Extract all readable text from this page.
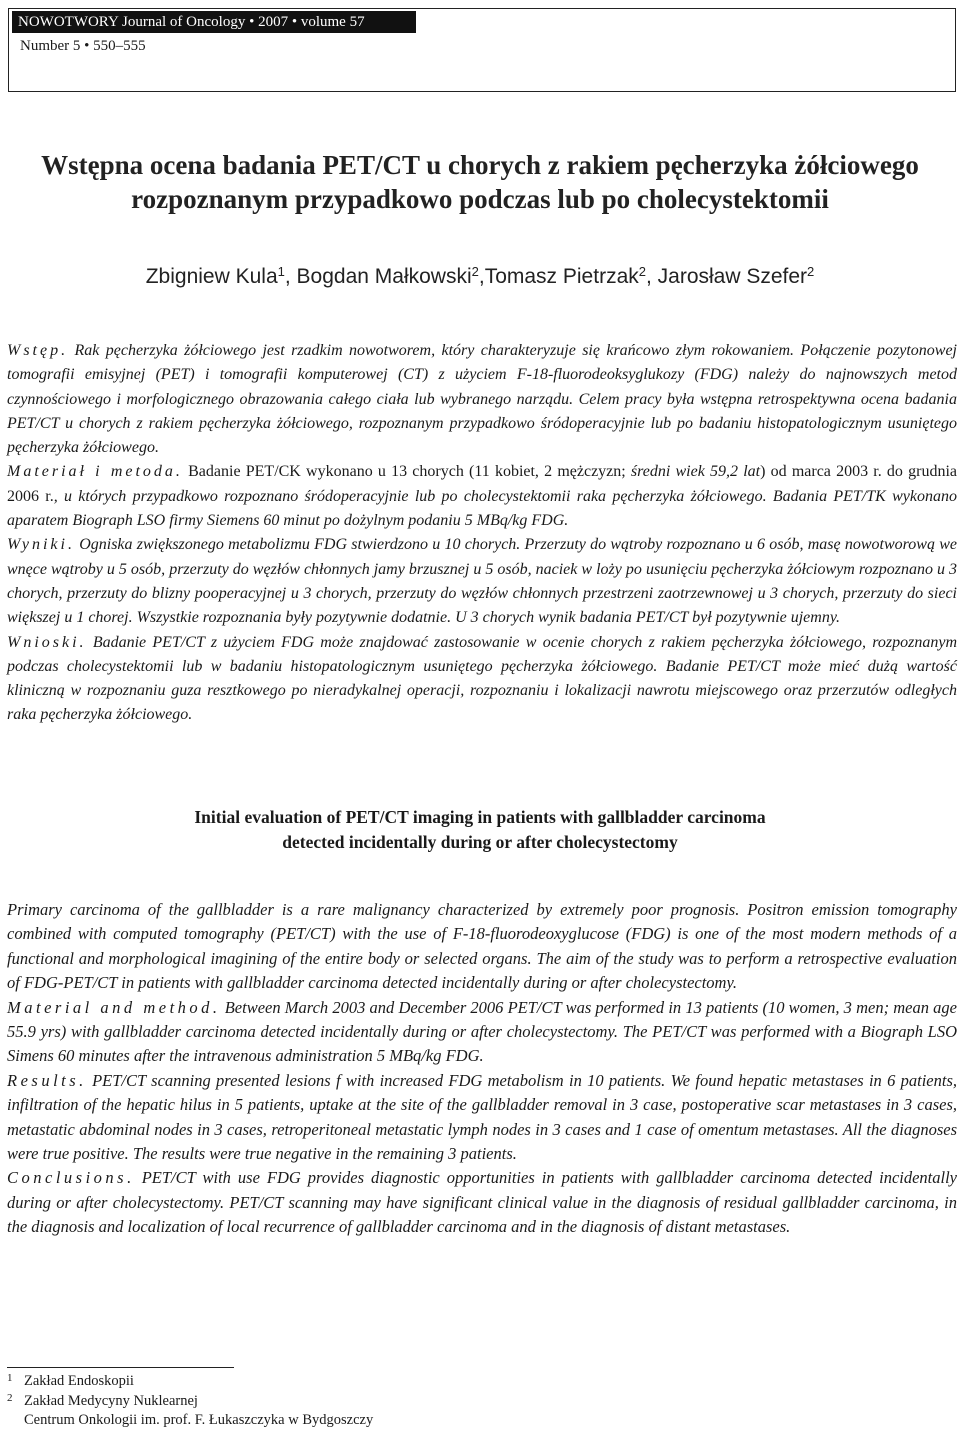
NOWOTWORY Journal of Oncology • 2007 • volume 57
Number 5 • 550–555
Wstępna ocena badania PET/CT u chorych z rakiem pęcherzyka żółciowego
rozpoznanym przypadkowo podczas lub po cholecystektomii
Zbigniew Kula$^1$, Bogdan Małkowski$^2$,Tomasz Pietrzak$^2$, Jarosław Szefer$^2$

Wstęp. Rak pęcherzyka żółciowego jest rzadkim nowotworem, który charakteryzuje się krańcowo złym rokowaniem. Połączenie pozytonowej tomografii emisyjnej (PET) i tomografii komputerowej (CT) z użyciem F-18-fluorodeoksyglukozy (FDG) należy do najnowszych metod czynnościowego i morfologicznego obrazowania całego ciała lub wybranego narządu. Celem pracy była wstępna retrospektywna ocena badania PET/CT u chorych z rakiem pęcherzyka żółciowego, rozpoznanym przypadkowo śródoperacyjnie lub po badaniu histopatologicznym usuniętego pęcherzyka żółciowego.

Materiał i metoda. Badanie PET/CK wykonano u 13 chorych (11 kobiet, 2 mężczyzn; średni wiek 59,2 lat) od marca 2003 r. do grudnia 2006 r., u których przypadkowo rozpoznano śródoperacyjnie lub po cholecystektomii raka pęcherzyka żółciowego. Badania PET/TK wykonano aparatem Biograph LSO firmy Siemens 60 minut po dożylnym podaniu 5 MBq/kg FDG.

Wyniki. Ogniska zwiększonego metabolizmu FDG stwierdzono u 10 chorych. Przerzuty do wątroby rozpoznano u 6 osób, masę nowotworową we wnęce wątroby u 5 osób, przerzuty do węzłów chłonnych jamy brzusznej u 5 osób, naciek w loży po usunięciu pęcherzyka żółciowym rozpoznano u 3 chorych, przerzuty do blizny pooperacyjnej u 3 chorych, przerzuty do węzłów chłonnych przestrzeni zaotrzewnowej u 3 chorych, przerzuty do sieci większej u 1 chorej. Wszystkie rozpoznania były pozytywnie dodatnie. U 3 chorych wynik badania PET/CT był pozytywnie ujemny.

Wnioski. Badanie PET/CT z użyciem FDG może znajdować zastosowanie w ocenie chorych z rakiem pęcherzyka żółciowego, rozpoznanym podczas cholecystektomii lub w badaniu histopatologicznym usuniętego pęcherzyka żółciowego. Badanie PET/CT może mieć dużą wartość kliniczną w rozpoznaniu guza resztkowego po nieradykalnej operacji, rozpoznaniu i lokalizacji nawrotu miejscowego oraz przerzutów odległych raka pęcherzyka żółciowego.

Initial evaluation of PET/CT imaging in patients with gallbladder carcinoma
detected incidentally during or after cholecystectomy

Primary carcinoma of the gallbladder is a rare malignancy characterized by extremely poor prognosis. Positron emission tomography combined with computed tomography (PET/CT) with the use of F-18-fluorodeoxyglucose (FDG) is one of the most modern methods of a functional and morphological imagining of the entire body or selected organs. The aim of the study was to perform a retrospective evaluation of FDG-PET/CT in patients with gallbladder carcinoma detected incidentally during or after cholecystectomy.

Material and method. Between March 2003 and December 2006 PET/CT was performed in 13 patients (10 women, 3 men; mean age 55.9 yrs) with gallbladder carcinoma detected incidentally during or after cholecystectomy. The PET/CT was performed with a Biograph LSO Simens 60 minutes after the intravenous administration 5 MBq/kg FDG.

Results. PET/CT scanning presented lesions f with increased FDG metabolism in 10 patients. We found hepatic metastases in 6 patients, infiltration of the hepatic hilus in 5 patients, uptake at the site of the gallbladder removal in 3 case, postoperative scar metastases in 3 cases, metastatic abdominal nodes in 3 cases, retroperitoneal metastatic lymph nodes in 3 cases and 1 case of omentum metastases. All the diagnoses were true positive. The results were true negative in the remaining 3 patients.

Conclusions. PET/CT with use FDG provides diagnostic opportunities in patients with gallbladder carcinoma detected incidentally during or after cholecystectomy. PET/CT scanning may have significant clinical value in the diagnosis of residual gallbladder carcinoma, in the diagnosis and localization of local recurrence of gallbladder carcinoma and in the diagnosis of distant metastases.

1 Zakład Endoskopii
2 Zakład Medycyny Nuklearnej
Centrum Onkologii im. prof. F. Łukaszczyka w Bydgoszczy
